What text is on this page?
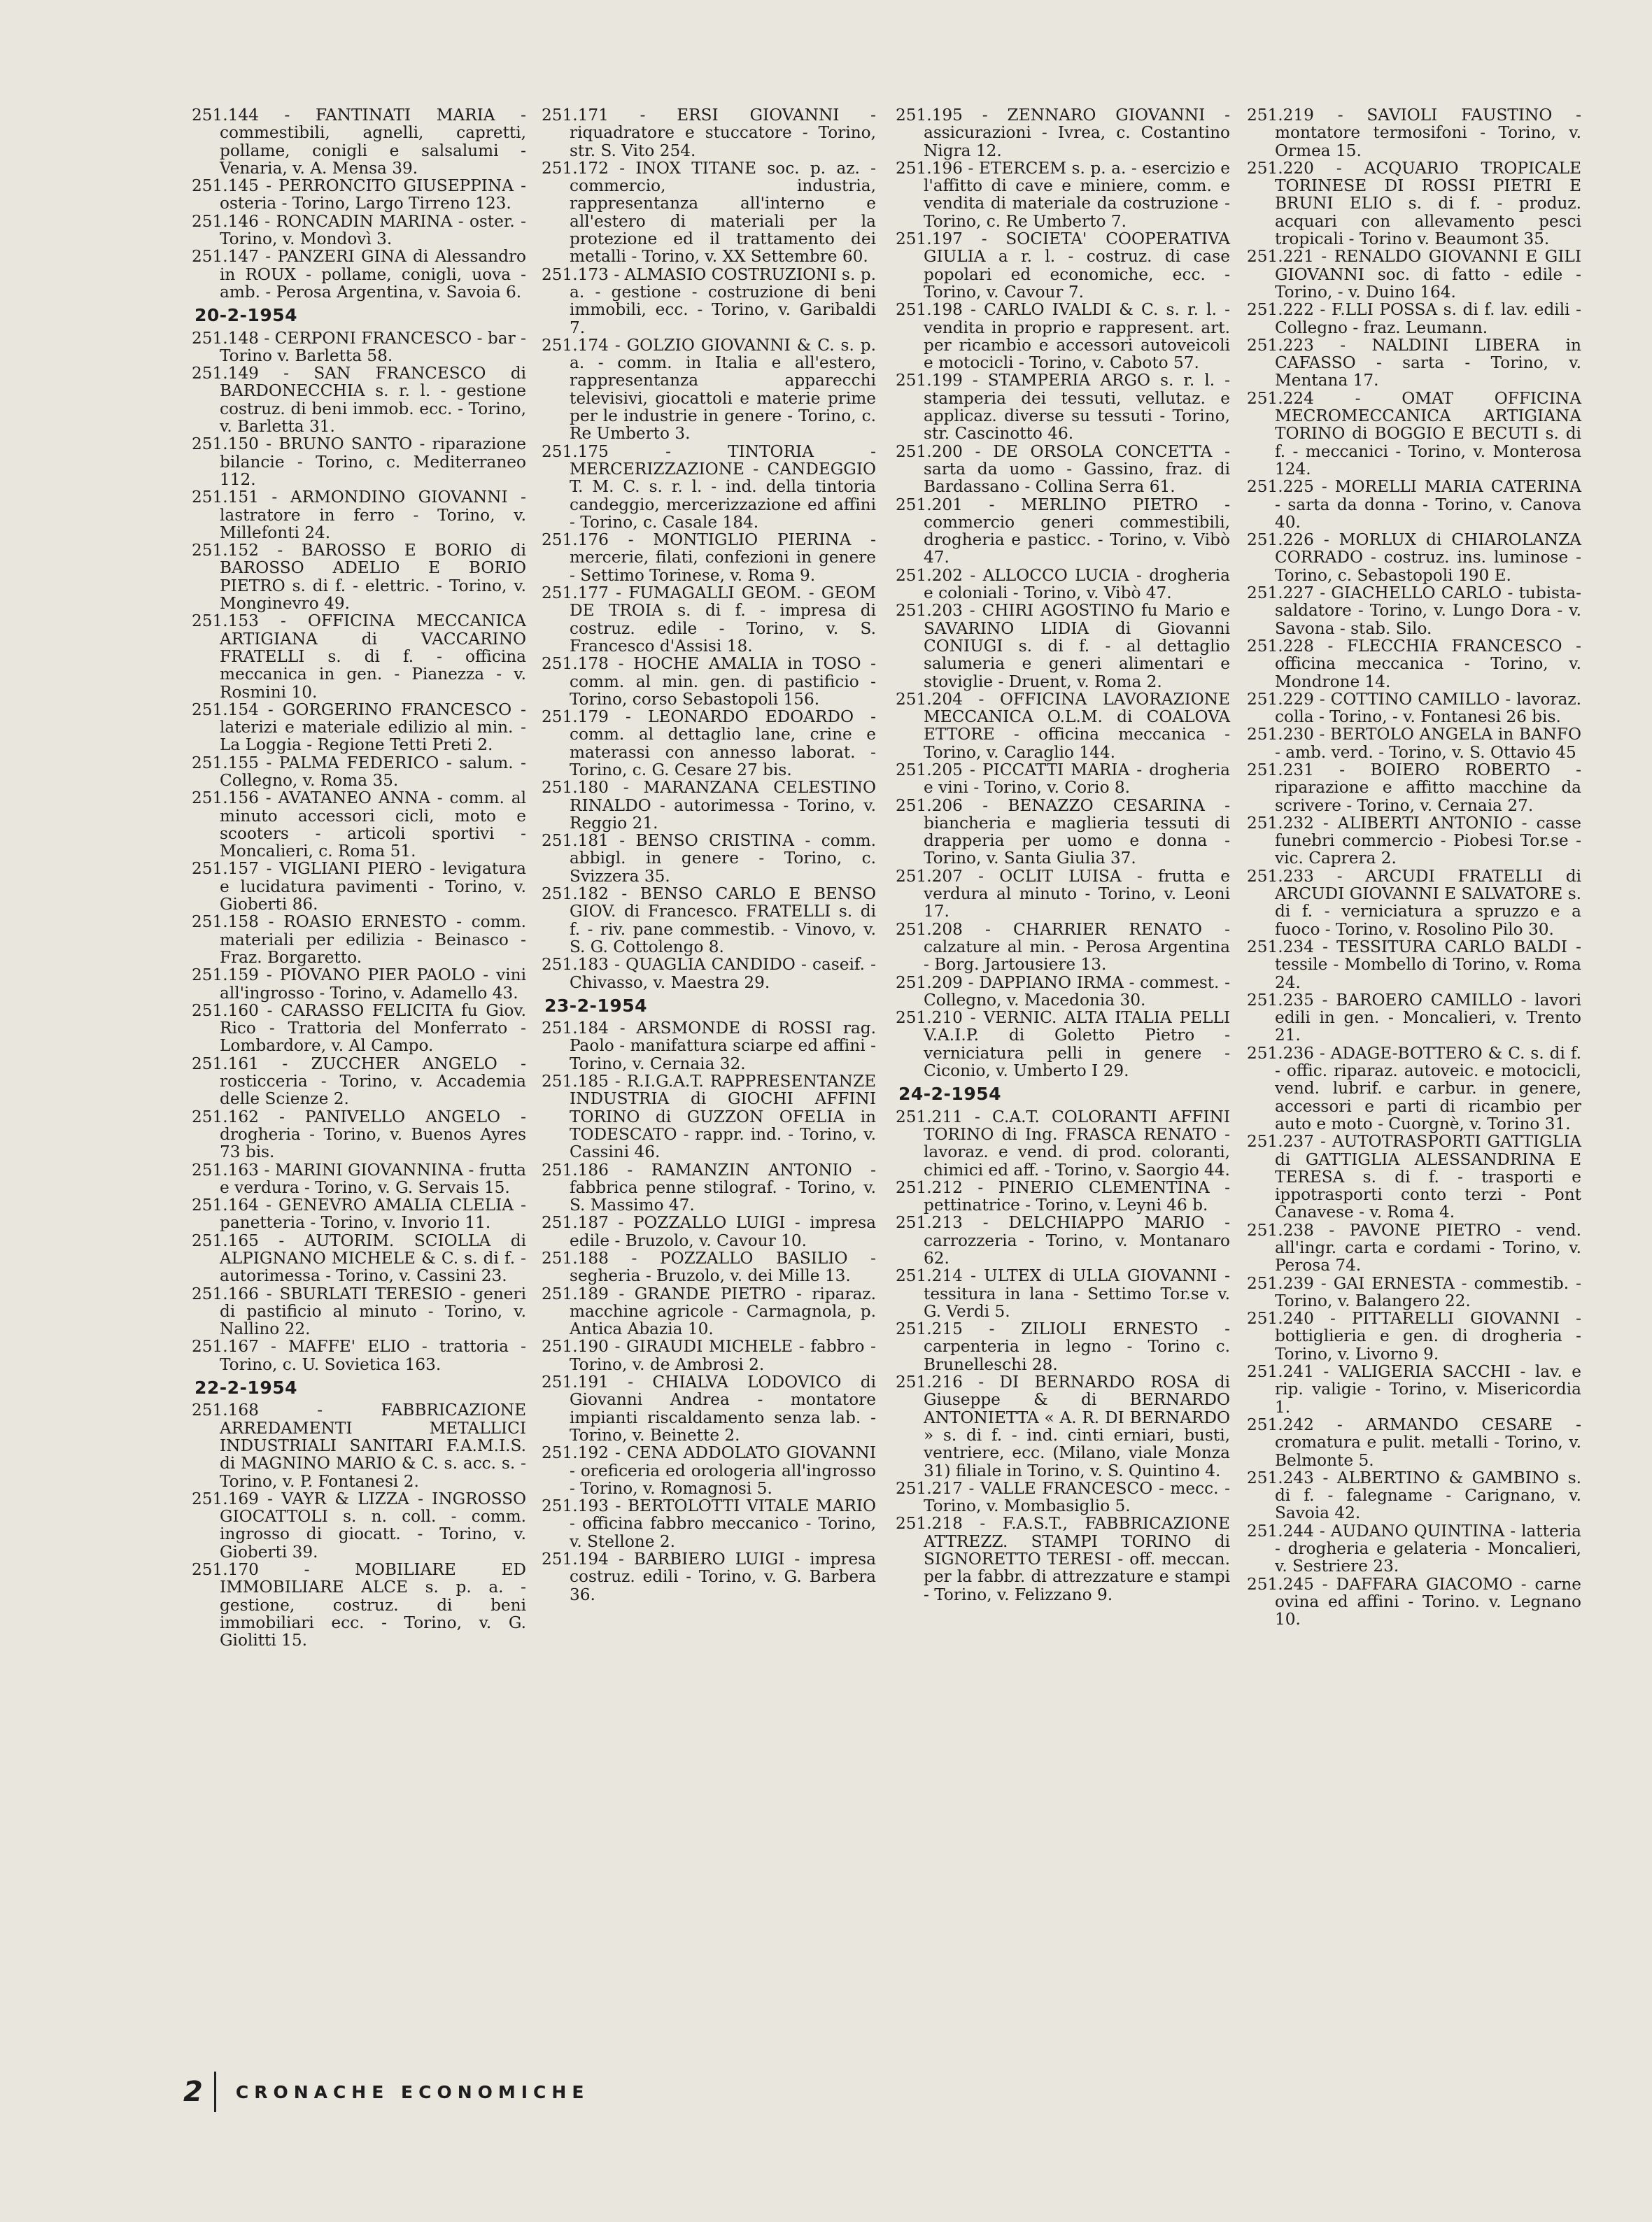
251.144 - FANTINATI MARIA - commestibili, agnelli, capretti, pollame, conigli e salsalumi - Venaria, v. A. Mensa 39.

251.145 - PERRONCITO GIUSEPPINA - osteria - Torino, Largo Tirreno 123.

251.146 - RONCADIN MARINA - oster. - Torino, v. Mondovì 3.

251.147 - PANZERI GINA di Alessandro in ROUX - pollame, conigli, uova - amb. - Perosa Argentina, v. Savoia 6.

20-2-1954

251.148 - CERPONI FRANCESCO - bar - Torino v. Barletta 58.

251.149 - SAN FRANCESCO di BARDONECCHIA s. r. l. - gestione costruz. di beni immob. ecc. - Torino, v. Barletta 31.

251.150 - BRUNO SANTO - riparazione bilancie - Torino, c. Mediterraneo 112.

251.151 - ARMONDINO GIOVANNI - lastratore in ferro - Torino, v. Millefonti 24.

251.152 - BAROSSO E BORIO di BAROSSO ADELIO E BORIO PIETRO s. di f. - elettric. - Torino, v. Monginevro 49.

251.153 - OFFICINA MECCANICA ARTIGIANA di VACCARINO FRATELLI s. di f. - officina meccanica in gen. - Pianezza - v. Rosmini 10.

251.154 - GORGERINO FRANCESCO - laterizi e materiale edilizio al min. - La Loggia - Regione Tetti Preti 2.

251.155 - PALMA FEDERICO - salum. - Collegno, v. Roma 35.

251.156 - AVATANEO ANNA - comm. al minuto accessori cicli, moto e scooters - articoli sportivi - Moncalieri, c. Roma 51.

251.157 - VIGLIANI PIERO - levigatura e lucidatura pavimenti - Torino, v. Gioberti 86.

251.158 - ROASIO ERNESTO - comm. materiali per edilizia - Beinasco - Fraz. Borgaretto.

251.159 - PIOVANO PIER PAOLO - vini all'ingrosso - Torino, v. Adamello 43.

251.160 - CARASSO FELICITA fu Giov. Rico - Trattoria del Monferrato - Lombardore, v. Al Campo.

251.161 - ZUCCHER ANGELO - rosticceria - Torino, v. Accademia delle Scienze 2.

251.162 - PANIVELLO ANGELO - drogheria - Torino, v. Buenos Ayres 73 bis.

251.163 - MARINI GIOVANNINA - frutta e verdura - Torino, v. G. Servais 15.

251.164 - GENEVRO AMALIA CLELIA - panetteria - Torino, v. Invorio 11.

251.165 - AUTORIM. SCIOLLA di ALPIGNANO MICHELE & C. s. di f. - autorimessa - Torino, v. Cassini 23.

251.166 - SBURLATI TERESIO - generi di pastificio al minuto - Torino, v. Nallino 22.

251.167 - MAFFE' ELIO - trattoria - Torino, c. U. Sovietica 163.

22-2-1954

251.168 - FABBRICAZIONE ARREDAMENTI METALLICI INDUSTRIALI SANITARI F.A.M.I.S. di MAGNINO MARIO & C. s. acc. s. - Torino, v. P. Fontanesi 2.

251.169 - VAYR & LIZZA - INGROSSO GIOCATTOLI s. n. coll. - comm. ingrosso di giocatt. - Torino, v. Gioberti 39.

251.170 - MOBILIARE ED IMMOBILIARE ALCE s. p. a. - gestione, costruz. di beni immobiliari ecc. - Torino, v. G. Giolitti 15.

251.171 - ERSI GIOVANNI - riquadratore e stuccatore - Torino, str. S. Vito 254.

251.172 - INOX TITANE soc. p. az. - commercio, industria, rappresentanza all'interno e all'estero di materiali per la protezione ed il trattamento dei metalli - Torino, v. XX Settembre 60.

251.173 - ALMASIO COSTRUZIONI s. p. a. - gestione - costruzione di beni immobili, ecc. - Torino, v. Garibaldi 7.

251.174 - GOLZIO GIOVANNI & C. s. p. a. - comm. in Italia e all'estero, rappresentanza apparecchi televisivi, giocattoli e materie prime per le industrie in genere - Torino, c. Re Umberto 3.

251.175 - TINTORIA - MERCERIZZAZIONE - CANDEGGIO T. M. C. s. r. l. - ind. della tintoria candeggio, mercerizzazione ed affini - Torino, c. Casale 184.

251.176 - MONTIGLIO PIERINA - mercerie, filati, confezioni in genere - Settimo Torinese, v. Roma 9.

251.177 - FUMAGALLI GEOM. - GEOM DE TROIA s. di f. - impresa di costruz. edile - Torino, v. S. Francesco d'Assisi 18.

251.178 - HOCHE AMALIA in TOSO - comm. al min. gen. di pastificio - Torino, corso Sebastopoli 156.

251.179 - LEONARDO EDOARDO - comm. al dettaglio lane, crine e materassi con annesso laborat. - Torino, c. G. Cesare 27 bis.

251.180 - MARANZANA CELESTINO RINALDO - autorimessa - Torino, v. Reggio 21.

251.181 - BENSO CRISTINA - comm. abbigl. in genere - Torino, c. Svizzera 35.

251.182 - BENSO CARLO E BENSO GIOV. di Francesco. FRATELLI s. di f. - riv. pane commestib. - Vinovo, v. S. G. Cottolengo 8.

251.183 - QUAGLIA CANDIDO - caseif. - Chivasso, v. Maestra 29.

23-2-1954

251.184 - ARSMONDE di ROSSI rag. Paolo - manifattura sciarpe ed affini - Torino, v. Cernaia 32.

251.185 - R.I.G.A.T. RAPPRESENTANZE INDUSTRIA di GIOCHI AFFINI TORINO di GUZZON OFELIA in TODESCATO - rappr. ind. - Torino, v. Cassini 46.

251.186 - RAMANZIN ANTONIO - fabbrica penne stilograf. - Torino, v. S. Massimo 47.

251.187 - POZZALLO LUIGI - impresa edile - Bruzolo, v. Cavour 10.

251.188 - POZZALLO BASILIO - segheria - Bruzolo, v. dei Mille 13.

251.189 - GRANDE PIETRO - riparaz. macchine agricole - Carmagnola, p. Antica Abazia 10.

251.190 - GIRAUDI MICHELE - fabbro - Torino, v. de Ambrosi 2.

251.191 - CHIALVA LODOVICO di Giovanni Andrea - montatore impianti riscaldamento senza lab. - Torino, v. Beinette 2.

251.192 - CENA ADDOLATO GIOVANNI - oreficeria ed orologeria all'ingrosso - Torino, v. Romagnosi 5.

251.193 - BERTOLOTTI VITALE MARIO - officina fabbro meccanico - Torino, v. Stellone 2.

251.194 - BARBIERO LUIGI - impresa costruz. edili - Torino, v. G. Barbera 36.

251.195 - ZENNARO GIOVANNI - assicurazioni - Ivrea, c. Costantino Nigra 12.

251.196 - ETERCEM s. p. a. - esercizio e l'affitto di cave e miniere, comm. e vendita di materiale da costruzione - Torino, c. Re Umberto 7.

251.197 - SOCIETA' COOPERATIVA GIULIA a r. l. - costruz. di case popolari ed economiche, ecc. - Torino, v. Cavour 7.

251.198 - CARLO IVALDI & C. s. r. l. - vendita in proprio e rappresent. art. per ricambio e accessori autoveicoli e motocicli - Torino, v. Caboto 57.

251.199 - STAMPERIA ARGO s. r. l. - stamperia dei tessuti, vellutaz. e applicaz. diverse su tessuti - Torino, str. Cascinotto 46.

251.200 - DE ORSOLA CONCETTA - sarta da uomo - Gassino, fraz. di Bardassano - Collina Serra 61.

251.201 - MERLINO PIETRO - commercio generi commestibili, drogheria e pasticc. - Torino, v. Vibò 47.

251.202 - ALLOCCO LUCIA - drogheria e coloniali - Torino, v. Vibò 47.

251.203 - CHIRI AGOSTINO fu Mario e SAVARINO LIDIA di Giovanni CONIUGI s. di f. - al dettaglio salumeria e generi alimentari e stoviglie - Druent, v. Roma 2.

251.204 - OFFICINA LAVORAZIONE MECCANICA O.L.M. di COALOVA ETTORE - officina meccanica - Torino, v. Caraglio 144.

251.205 - PICCATTI MARIA - drogheria e vini - Torino, v. Corio 8.

251.206 - BENAZZO CESARINA - biancheria e maglieria tessuti di drapperia per uomo e donna - Torino, v. Santa Giulia 37.

251.207 - OCLIT LUISA - frutta e verdura al minuto - Torino, v. Leoni 17.

251.208 - CHARRIER RENATO - calzature al min. - Perosa Argentina - Borg. Jartousiere 13.

251.209 - DAPPIANO IRMA - commest. - Collegno, v. Macedonia 30.

251.210 - VERNIC. ALTA ITALIA PELLI V.A.I.P. di Goletto Pietro - verniciatura pelli in genere - Ciconio, v. Umberto I 29.

24-2-1954

251.211 - C.A.T. COLORANTI AFFINI TORINO di Ing. FRASCA RENATO - lavoraz. e vend. di prod. coloranti, chimici ed aff. - Torino, v. Saorgio 44.

251.212 - PINERIO CLEMENTINA - pettinatrice - Torino, v. Leyni 46 b.

251.213 - DELCHIAPPO MARIO - carrozzeria - Torino, v. Montanaro 62.

251.214 - ULTEX di ULLA GIOVANNI - tessitura in lana - Settimo Tor.se v. G. Verdi 5.

251.215 - ZILIOLI ERNESTO - carpenteria in legno - Torino c. Brunelleschi 28.

251.216 - DI BERNARDO ROSA di Giuseppe & di BERNARDO ANTONIETTA « A. R. DI BERNARDO » s. di f. - ind. cinti erniari, busti, ventriere, ecc. (Milano, viale Monza 31) filiale in Torino, v. S. Quintino 4.

251.217 - VALLE FRANCESCO - mecc. - Torino, v. Mombasiglio 5.

251.218 - F.A.S.T., FABBRICAZIONE ATTREZZ. STAMPI TORINO di SIGNORETTO TERESI - off. meccan. per la fabbr. di attrezzature e stampi - Torino, v. Felizzano 9.

251.219 - SAVIOLI FAUSTINO - montatore termosifoni - Torino, v. Ormea 15.

251.220 - ACQUARIO TROPICALE TORINESE DI ROSSI PIETRI E BRUNI ELIO s. di f. - produz. acquari con allevamento pesci tropicali - Torino v. Beaumont 35.

251.221 - RENALDO GIOVANNI E GILI GIOVANNI soc. di fatto - edile - Torino, - v. Duino 164.

251.222 - F.LLI POSSA s. di f. lav. edili - Collegno - fraz. Leumann.

251.223 - NALDINI LIBERA in CAFASSO - sarta - Torino, v. Mentana 17.

251.224 - OMAT OFFICINA MECROMECCANICA ARTIGIANA TORINO di BOGGIO E BECUTI s. di f. - meccanici - Torino, v. Monterosa 124.

251.225 - MORELLI MARIA CATERINA - sarta da donna - Torino, v. Canova 40.

251.226 - MORLUX di CHIAROLANZA CORRADO - costruz. ins. luminose - Torino, c. Sebastopoli 190 E.

251.227 - GIACHELLO CARLO - tubista-saldatore - Torino, v. Lungo Dora - v. Savona - stab. Silo.

251.228 - FLECCHIA FRANCESCO - officina meccanica - Torino, v. Mondrone 14.

251.229 - COTTINO CAMILLO - lavoraz. colla - Torino, - v. Fontanesi 26 bis.

251.230 - BERTOLO ANGELA in BANFO - amb. verd. - Torino, v. S. Ottavio 45

251.231 - BOIERO ROBERTO - riparazione e affitto macchine da scrivere - Torino, v. Cernaia 27.

251.232 - ALIBERTI ANTONIO - casse funebri commercio - Piobesi Tor.se - vic. Caprera 2.

251.233 - ARCUDI FRATELLI di ARCUDI GIOVANNI E SALVATORE s. di f. - verniciatura a spruzzo e a fuoco - Torino, v. Rosolino Pilo 30.

251.234 - TESSITURA CARLO BALDI - tessile - Mombello di Torino, v. Roma 24.

251.235 - BAROERO CAMILLO - lavori edili in gen. - Moncalieri, v. Trento 21.

251.236 - ADAGE-BOTTERO & C. s. di f. - offic. riparaz. autoveic. e motocicli, vend. lubrif. e carbur. in genere, accessori e parti di ricambio per auto e moto - Cuorgnè, v. Torino 31.

251.237 - AUTOTRASPORTI GATTIGLIA di GATTIGLIA ALESSANDRINA E TERESA s. di f. - trasporti e ippotrasporti conto terzi - Pont Canavese - v. Roma 4.

251.238 - PAVONE PIETRO - vend. all'ingr. carta e cordami - Torino, v. Perosa 74.

251.239 - GAI ERNESTA - commestib. - Torino, v. Balangero 22.

251.240 - PITTARELLI GIOVANNI - bottiglieria e gen. di drogheria - Torino, v. Livorno 9.

251.241 - VALIGERIA SACCHI - lav. e rip. valigie - Torino, v. Misericordia 1.

251.242 - ARMANDO CESARE - cromatura e pulit. metalli - Torino, v. Belmonte 5.

251.243 - ALBERTINO & GAMBINO s. di f. - falegname - Carignano, v. Savoia 42.

251.244 - AUDANO QUINTINA - latteria - drogheria e gelateria - Moncalieri, v. Sestriere 23.

251.245 - DAFFARA GIACOMO - carne ovina ed affini - Torino. v. Legnano 10.

2 CRONACHE ECONOMICHE
